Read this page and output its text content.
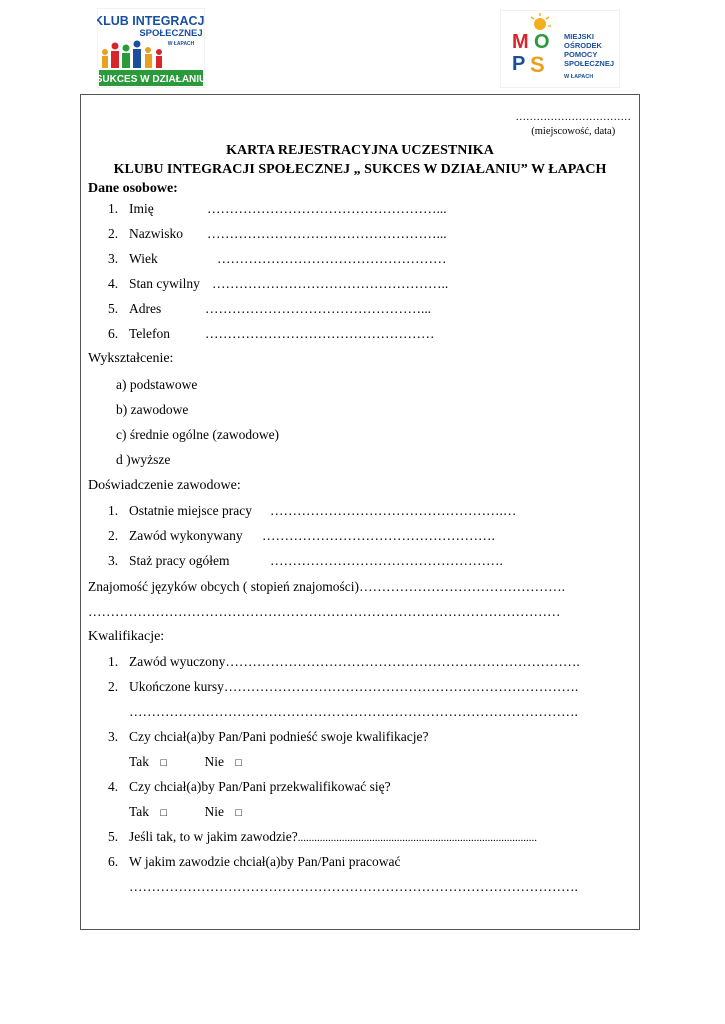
KLUB INTEGRACJI
SPOŁECZNEJ
W ŁAPACH
SUKCES W DZIAŁANIU
M O
P S
MIEJSKI
OŚRODEK
POMOCY
SPOŁECZNEJ
W ŁAPACH
……………………………
(miejscowość, data)
KARTA REJESTRACYJNA UCZESTNIKA
KLUBU INTEGRACJI SPOŁECZNEJ „ SUKCES W DZIAŁANIU” W ŁAPACH
Dane osobowe:
1. Imię	……………………………………………...
2. Nazwisko ……………………………………………...
3. Wiek	……………………………………………
4. Stan cywilny ……………………………………………..
5. Adres	…………………………………………...
6. Telefon	……………………………………………
Wykształcenie:
a) podstawowe
b) zawodowe
c) średnie ogólne (zawodowe)
d )wyższe
Doświadczenie zawodowe:
1. Ostatnie miejsce pracy …………………………………………….…
2. Zawód wykonywany …………………………………………….
3. Staż pracy ogółem	…………………………………………….
Znajomość języków obcych ( stopień znajomości)……………………………………….
……………………………………………………………………………………………
Kwalifikacje:
1. Zawód wyuczony…………………………………………………………………….
2. Ukończone kursy…………………………………………………………………….
……………………………………………………………………………………….
3. Czy chciał(a)by Pan/Pani podnieść swoje kwalifikacje?
Tak □	Nie □
4. Czy chciał(a)by Pan/Pani przekwalifikować się?
Tak □	Nie □
5. Jeśli tak, to w jakim zawodzie?.......................................................................................
6. W jakim zawodzie chciał(a)by Pan/Pani pracować
……………………………………………………………………………………….
